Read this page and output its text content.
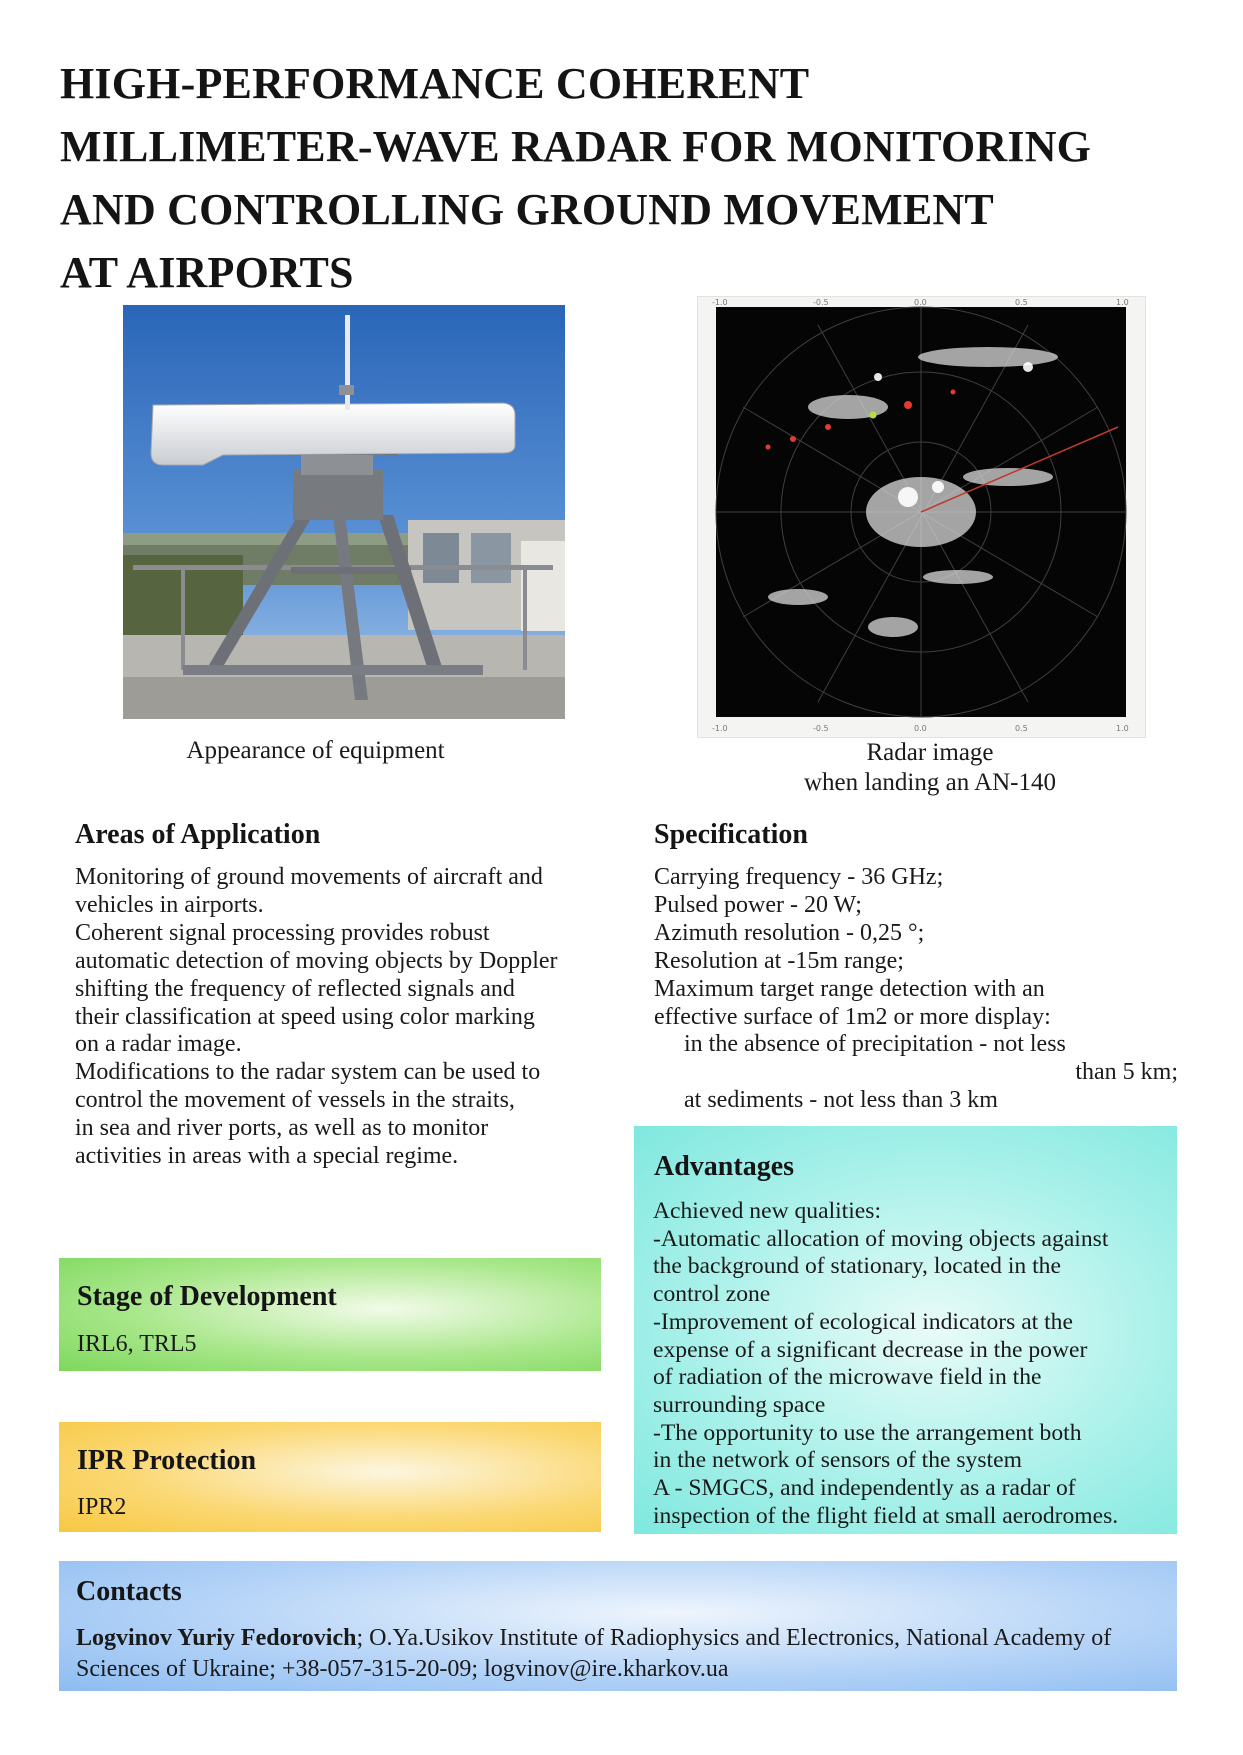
HIGH-PERFORMANCE COHERENT
MILLIMETER-WAVE RADAR FOR MONITORING
AND CONTROLLING GROUND MOVEMENT
AT AIRPORTS
Appearance of equipment
-1.0	-0.5	0.0	0.5	1.0
-1.0	-0.5	0.0	0.5	1.0
Radar image
when landing an AN-140
Areas of Application
Monitoring of ground movements of aircraft and
vehicles in airports.
Coherent signal processing provides robust
automatic detection of moving objects by Doppler
shifting the frequency of reflected signals and
their classification at speed using color marking
on a radar image.
Modifications to the radar system can be used to
control the movement of vessels in the straits,
in sea and river ports, as well as to monitor
activities in areas with a special regime.
Specification
Carrying frequency - 36 GHz;
Pulsed power - 20 W;
Azimuth resolution - 0,25 °;
Resolution at -15m range;
Maximum target range detection with an
effective surface of 1m2 or more display:
in the absence of precipitation - not less
than 5 km;
at sediments - not less than 3 km
Advantages
Achieved new qualities:
-Automatic allocation of moving objects against
the background of stationary, located in the
control zone
-Improvement of ecological indicators at the
expense of a significant decrease in the power
of radiation of the microwave field in the
surrounding space
-The opportunity to use the arrangement both
in the network of sensors of the system
A - SMGCS, and independently as a radar of
inspection of the flight field at small aerodromes.
Stage of Development
IRL6, TRL5
IPR Protection
IPR2
Contacts
Logvinov Yuriy Fedorovich; O.Ya.Usikov Institute of Radiophysics and Electronics, National Academy of Sciences of Ukraine; +38-057-315-20-09; logvinov@ire.kharkov.ua
